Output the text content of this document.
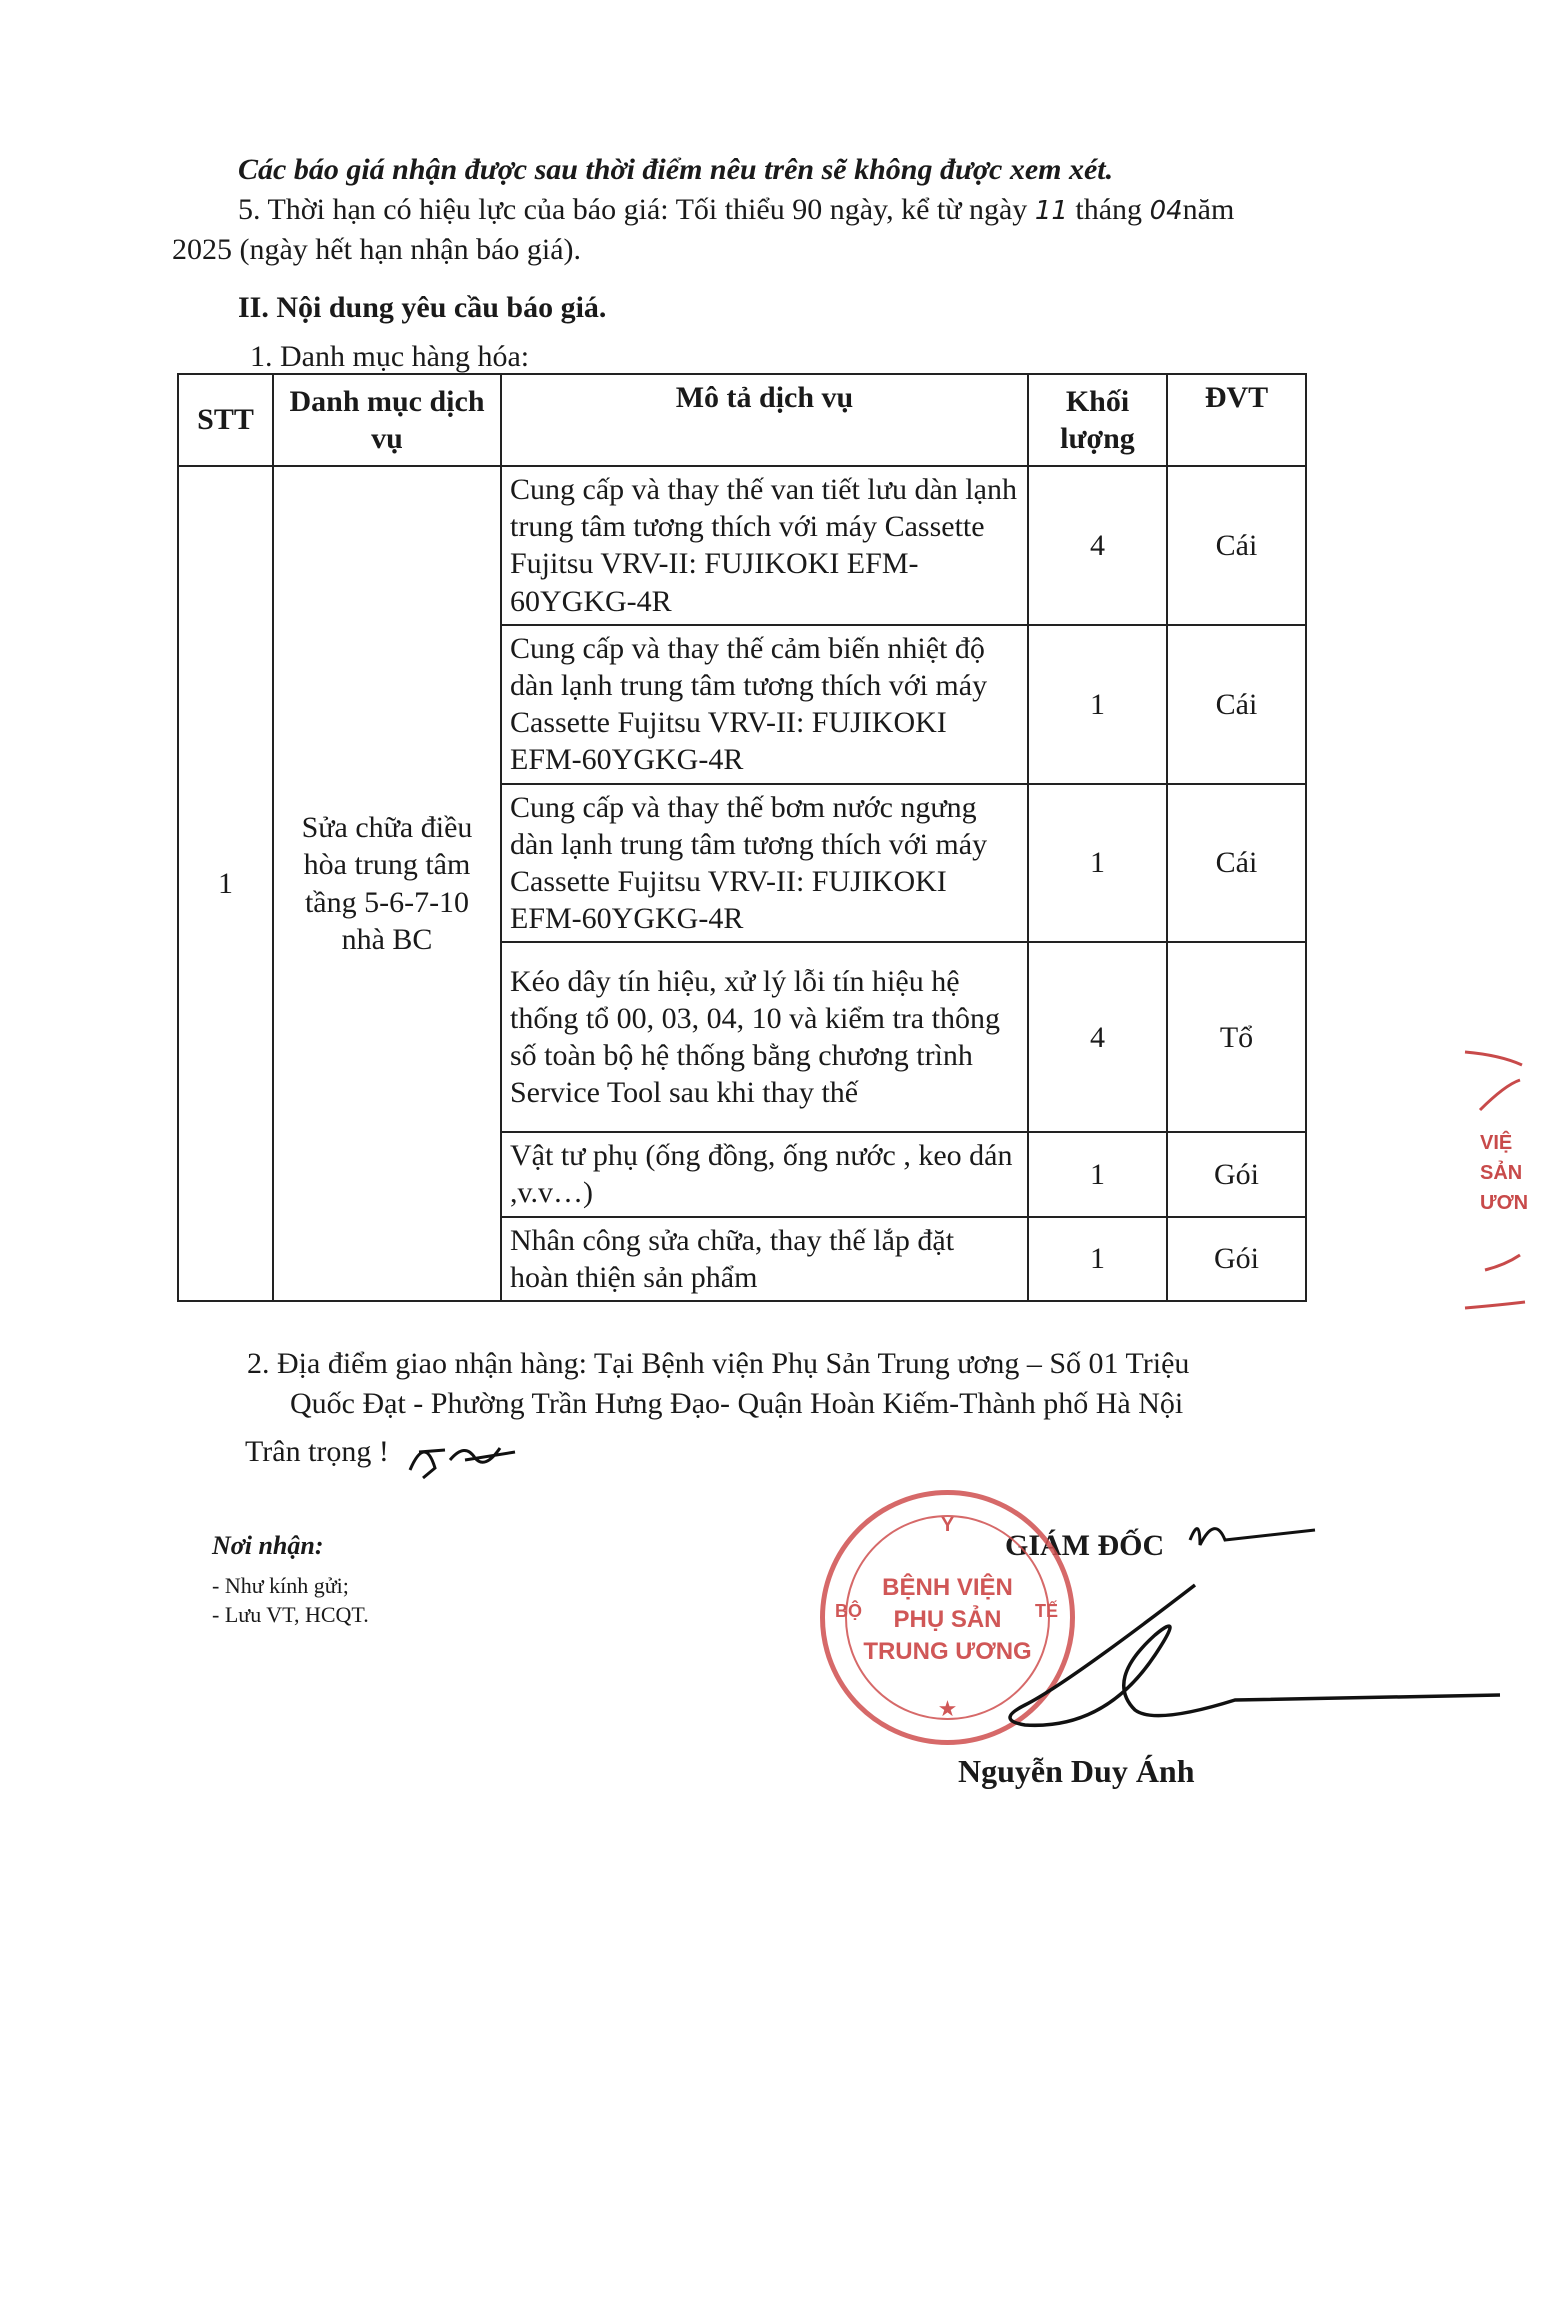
Các báo giá nhận được sau thời điểm nêu trên sẽ không được xem xét.
5. Thời hạn có hiệu lực của báo giá: Tối thiểu 90 ngày, kể từ ngày 11 tháng 04năm
2025 (ngày hết hạn nhận báo giá).
II. Nội dung yêu cầu báo giá.
1. Danh mục hàng hóa:
STT	Danh mục dịch vụ	Mô tả dịch vụ	Khối lượng	ĐVT
1	Sửa chữa điều hòa trung tâm tầng 5-6-7-10 nhà BC	Cung cấp và thay thế van tiết lưu dàn lạnh trung tâm tương thích với máy Cassette Fujitsu VRV-II: FUJIKOKI EFM-60YGKG-4R	4	Cái
		Cung cấp và thay thế cảm biến nhiệt độ dàn lạnh trung tâm tương thích với máy Cassette Fujitsu VRV-II: FUJIKOKI EFM-60YGKG-4R	1	Cái
		Cung cấp và thay thế bơm nước ngưng dàn lạnh trung tâm tương thích với máy Cassette Fujitsu VRV-II: FUJIKOKI EFM-60YGKG-4R	1	Cái
		Kéo dây tín hiệu, xử lý lỗi tín hiệu hệ thống tổ 00, 03, 04, 10 và kiểm tra thông số toàn bộ hệ thống bằng chương trình Service Tool sau khi thay thế	4	Tổ
		Vật tư phụ (ống đồng, ống nước , keo dán ,v.v…)	1	Gói
		Nhân công sửa chữa, thay thế lắp đặt hoàn thiện sản phẩm	1	Gói
2. Địa điểm giao nhận hàng: Tại Bệnh viện Phụ Sản Trung ương – Số 01 Triệu
Quốc Đạt - Phường Trần Hưng Đạo- Quận Hoàn Kiếm-Thành phố Hà Nội
Trân trọng !
Nơi nhận:
- Như kính gửi;
- Lưu VT, HCQT.
GIÁM ĐỐC
Nguyễn Duy Ánh
Y
BỘ	TẾ
BỆNH VIỆN
PHỤ SẢN
TRUNG ƯƠNG
★
VIỆ
SẢN
ƯƠN
